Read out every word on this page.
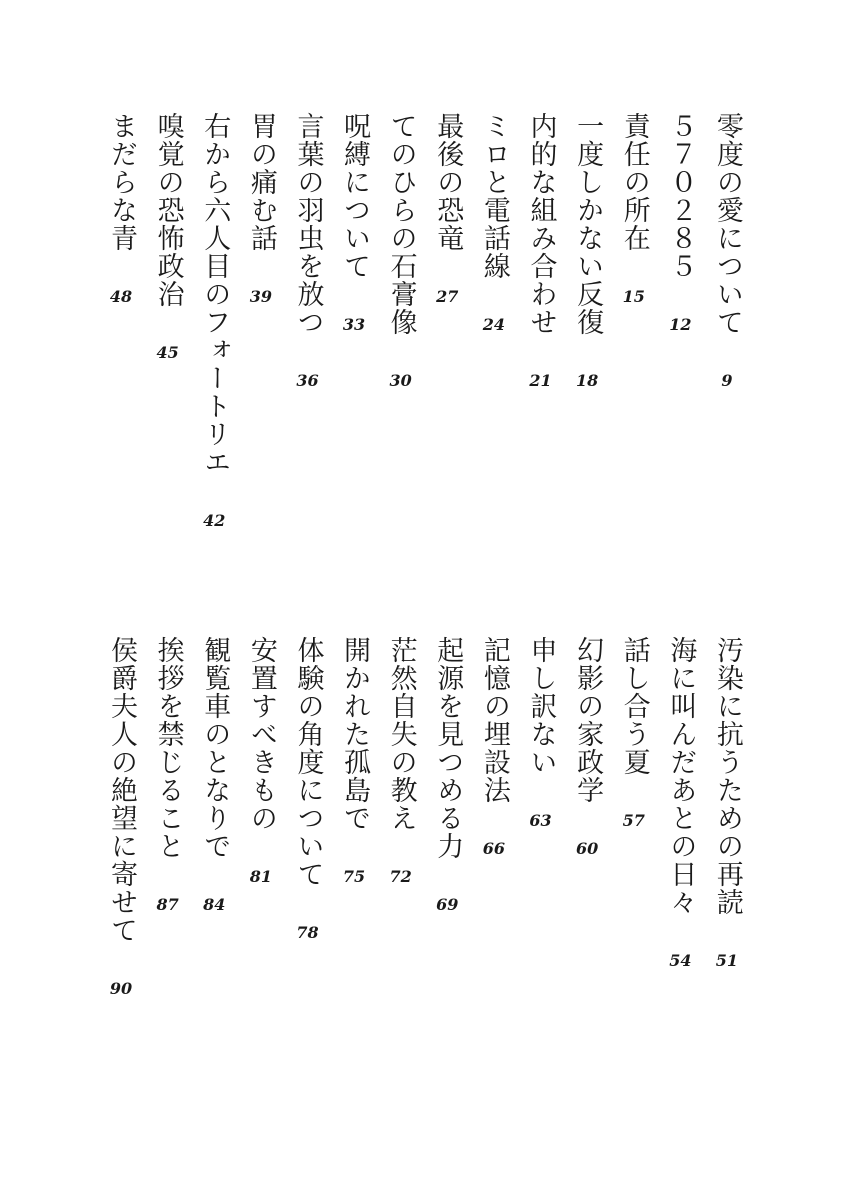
零度の愛について9
５７０２８５12
責任の所在15
一度しかない反復18
内的な組み合わせ21
ミロと電話線24
最後の恐竜27
てのひらの石膏像30
呪縛について33
言葉の羽虫を放つ36
胃の痛む話39
右から六人目のフォートリエ42
嗅覚の恐怖政治45
まだらな青48
汚染に抗うための再読51
海に叫んだあとの日々54
話し合う夏57
幻影の家政学60
申し訳ない63
記憶の埋設法66
起源を見つめる力69
茫然自失の教え72
開かれた孤島で75
体験の角度について78
安置すべきもの81
観覧車のとなりで84
挨拶を禁じること87
侯爵夫人の絶望に寄せて90
